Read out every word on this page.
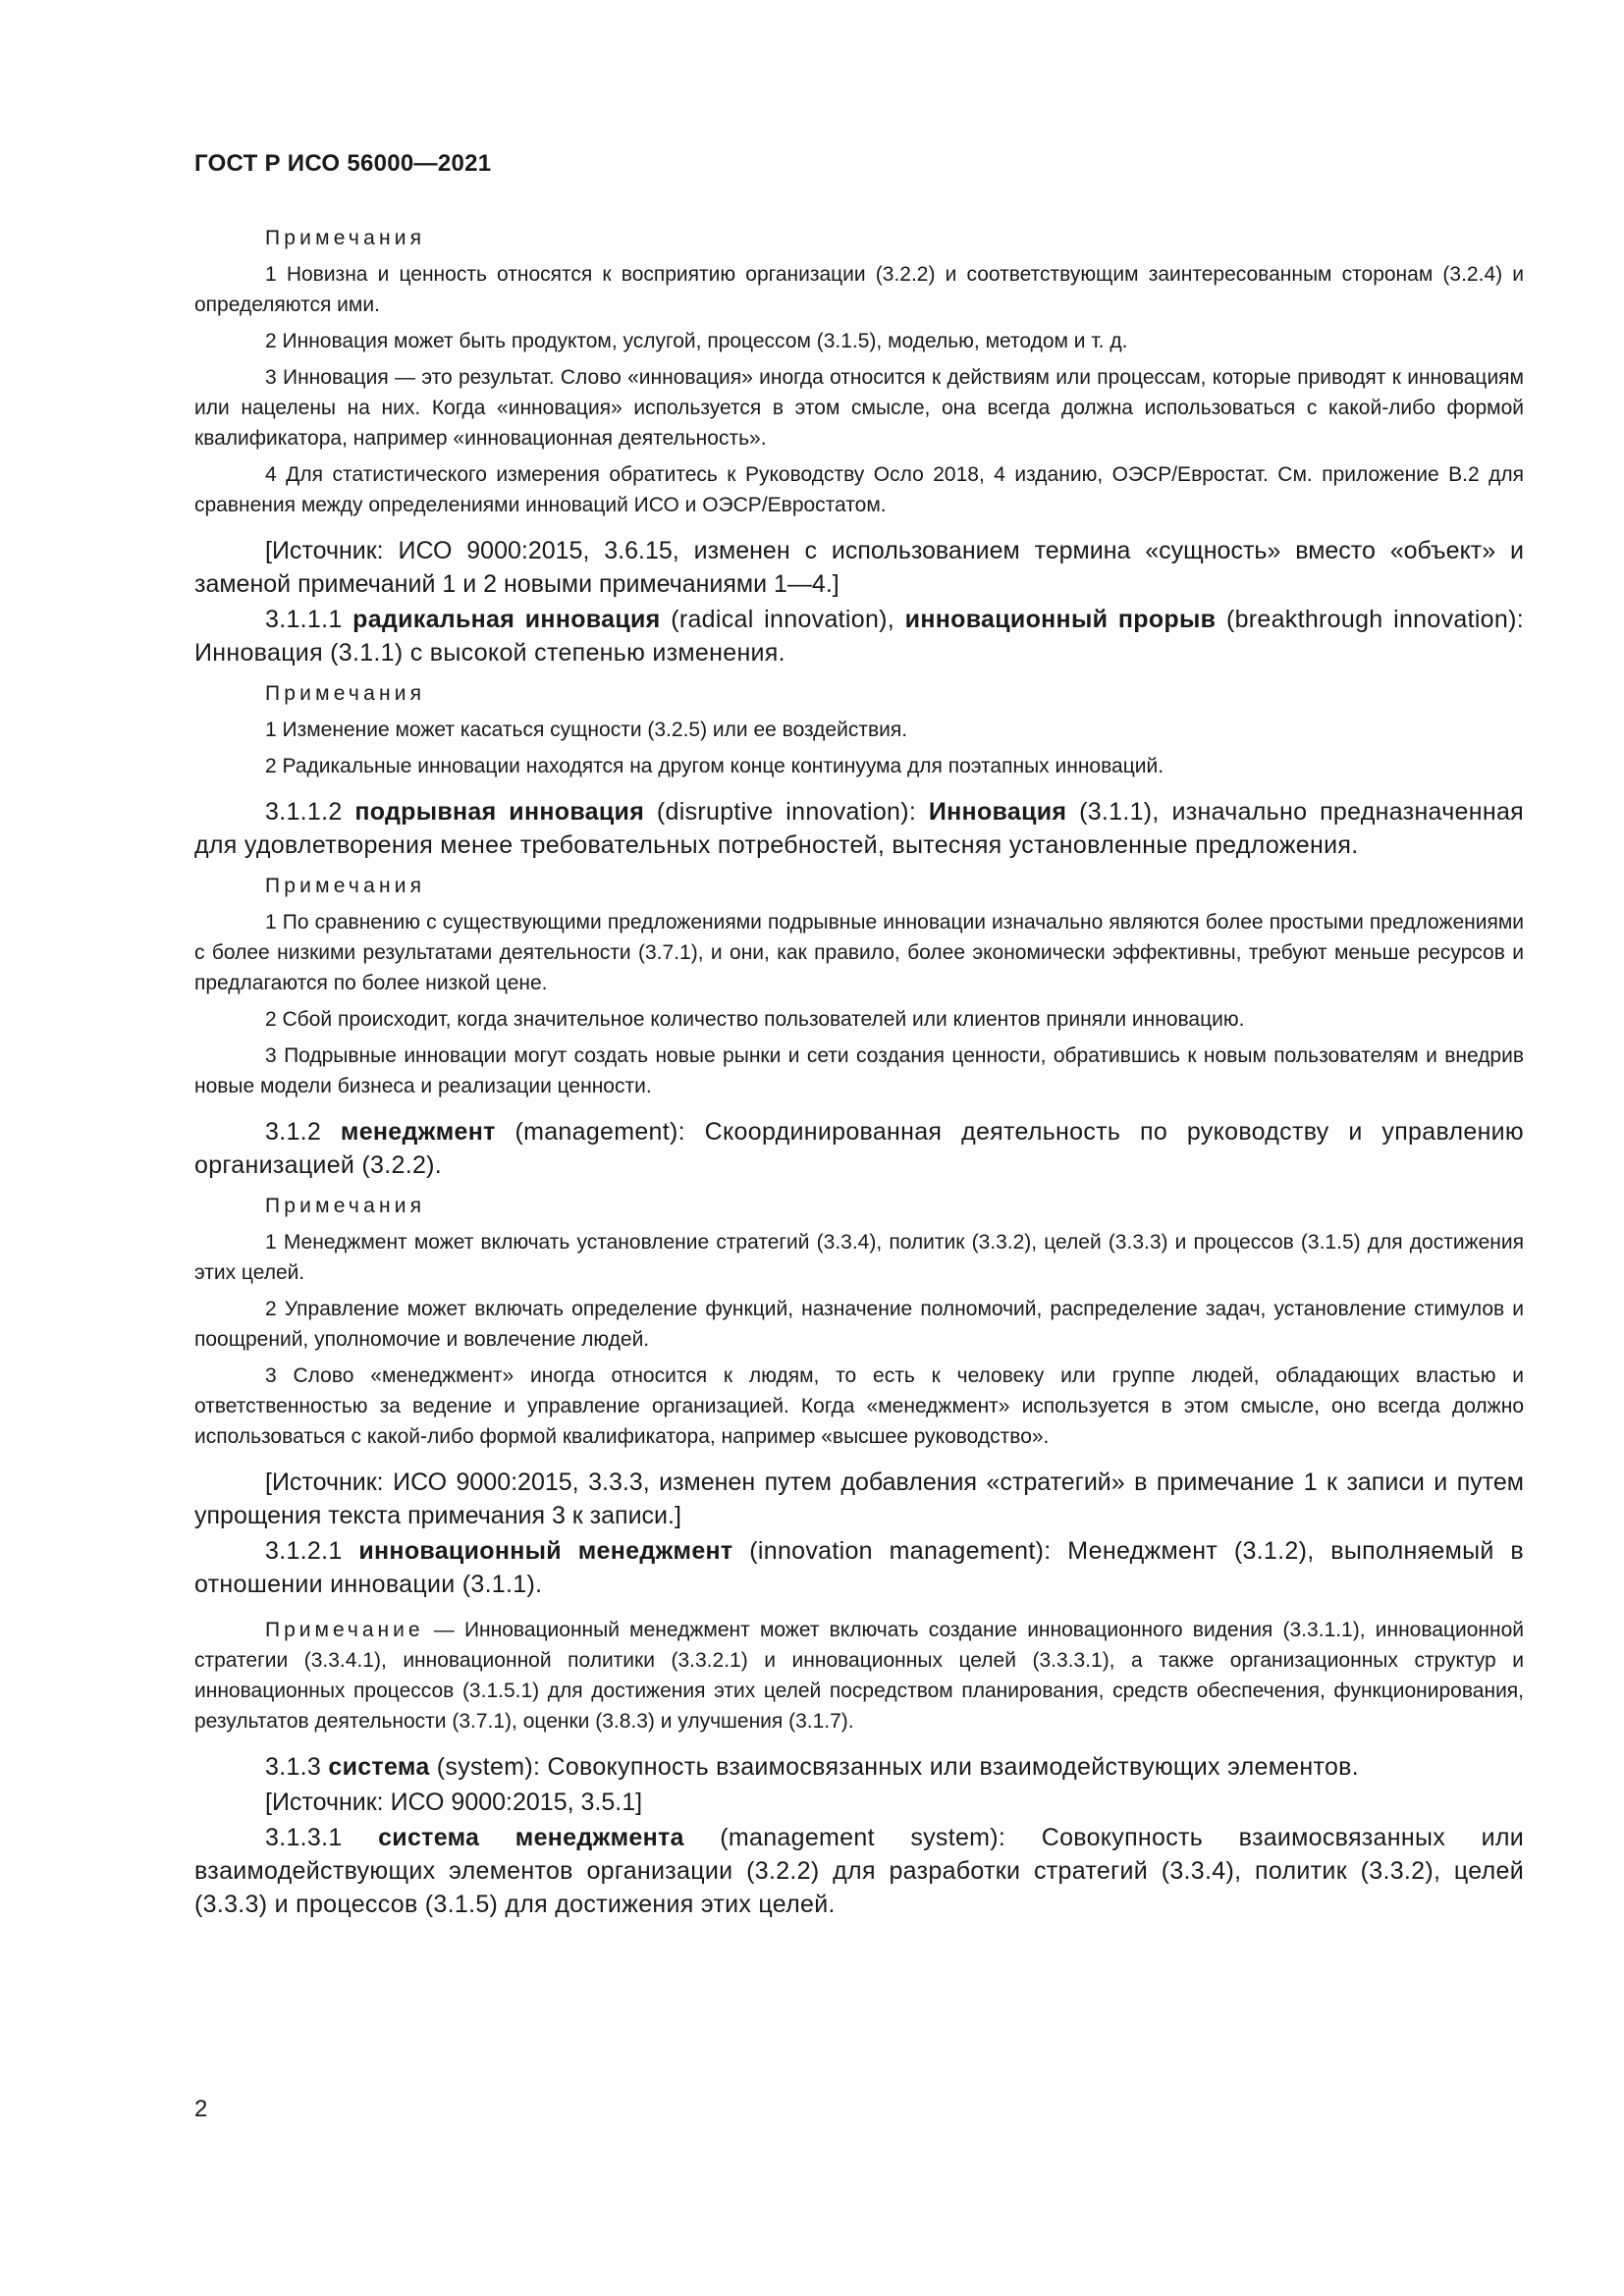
ГОСТ Р ИСО 56000—2021

Примечания

1 Новизна и ценность относятся к восприятию организации (3.2.2) и соответствующим заинтересованным сторонам (3.2.4) и определяются ими.

2 Инновация может быть продуктом, услугой, процессом (3.1.5), моделью, методом и т. д.

3 Инновация — это результат. Слово «инновация» иногда относится к действиям или процессам, которые приводят к инновациям или нацелены на них. Когда «инновация» используется в этом смысле, она всегда должна использоваться с какой-либо формой квалификатора, например «инновационная деятельность».

4 Для статистического измерения обратитесь к Руководству Осло 2018, 4 изданию, ОЭСР/Евростат. См. приложение В.2 для сравнения между определениями инноваций ИСО и ОЭСР/Евростатом.

[Источник: ИСО 9000:2015, 3.6.15, изменен с использованием термина «сущность» вместо «объект» и заменой примечаний 1 и 2 новыми примечаниями 1—4.]

3.1.1.1 радикальная инновация (radical innovation), инновационный прорыв (breakthrough innovation): Инновация (3.1.1) с высокой степенью изменения.

Примечания

1 Изменение может касаться сущности (3.2.5) или ее воздействия.

2 Радикальные инновации находятся на другом конце континуума для поэтапных инноваций.

3.1.1.2 подрывная инновация (disruptive innovation): Инновация (3.1.1), изначально предназначенная для удовлетворения менее требовательных потребностей, вытесняя установленные предложения.

Примечания

1 По сравнению с существующими предложениями подрывные инновации изначально являются более простыми предложениями с более низкими результатами деятельности (3.7.1), и они, как правило, более экономически эффективны, требуют меньше ресурсов и предлагаются по более низкой цене.

2 Сбой происходит, когда значительное количество пользователей или клиентов приняли инновацию.

3 Подрывные инновации могут создать новые рынки и сети создания ценности, обратившись к новым пользователям и внедрив новые модели бизнеса и реализации ценности.

3.1.2 менеджмент (management): Скоординированная деятельность по руководству и управлению организацией (3.2.2).

Примечания

1 Менеджмент может включать установление стратегий (3.3.4), политик (3.3.2), целей (3.3.3) и процессов (3.1.5) для достижения этих целей.

2 Управление может включать определение функций, назначение полномочий, распределение задач, установление стимулов и поощрений, уполномочие и вовлечение людей.

3 Слово «менеджмент» иногда относится к людям, то есть к человеку или группе людей, обладающих властью и ответственностью за ведение и управление организацией. Когда «менеджмент» используется в этом смысле, оно всегда должно использоваться с какой-либо формой квалификатора, например «высшее руководство».

[Источник: ИСО 9000:2015, 3.3.3, изменен путем добавления «стратегий» в примечание 1 к записи и путем упрощения текста примечания 3 к записи.]

3.1.2.1 инновационный менеджмент (innovation management): Менеджмент (3.1.2), выполняемый в отношении инновации (3.1.1).

Примечание — Инновационный менеджмент может включать создание инновационного видения (3.3.1.1), инновационной стратегии (3.3.4.1), инновационной политики (3.3.2.1) и инновационных целей (3.3.3.1), а также организационных структур и инновационных процессов (3.1.5.1) для достижения этих целей посредством планирования, средств обеспечения, функционирования, результатов деятельности (3.7.1), оценки (3.8.3) и улучшения (3.1.7).

3.1.3 система (system): Совокупность взаимосвязанных или взаимодействующих элементов.

[Источник: ИСО 9000:2015, 3.5.1]

3.1.3.1 система менеджмента (management system): Совокупность взаимосвязанных или взаимодействующих элементов организации (3.2.2) для разработки стратегий (3.3.4), политик (3.3.2), целей (3.3.3) и процессов (3.1.5) для достижения этих целей.

2
